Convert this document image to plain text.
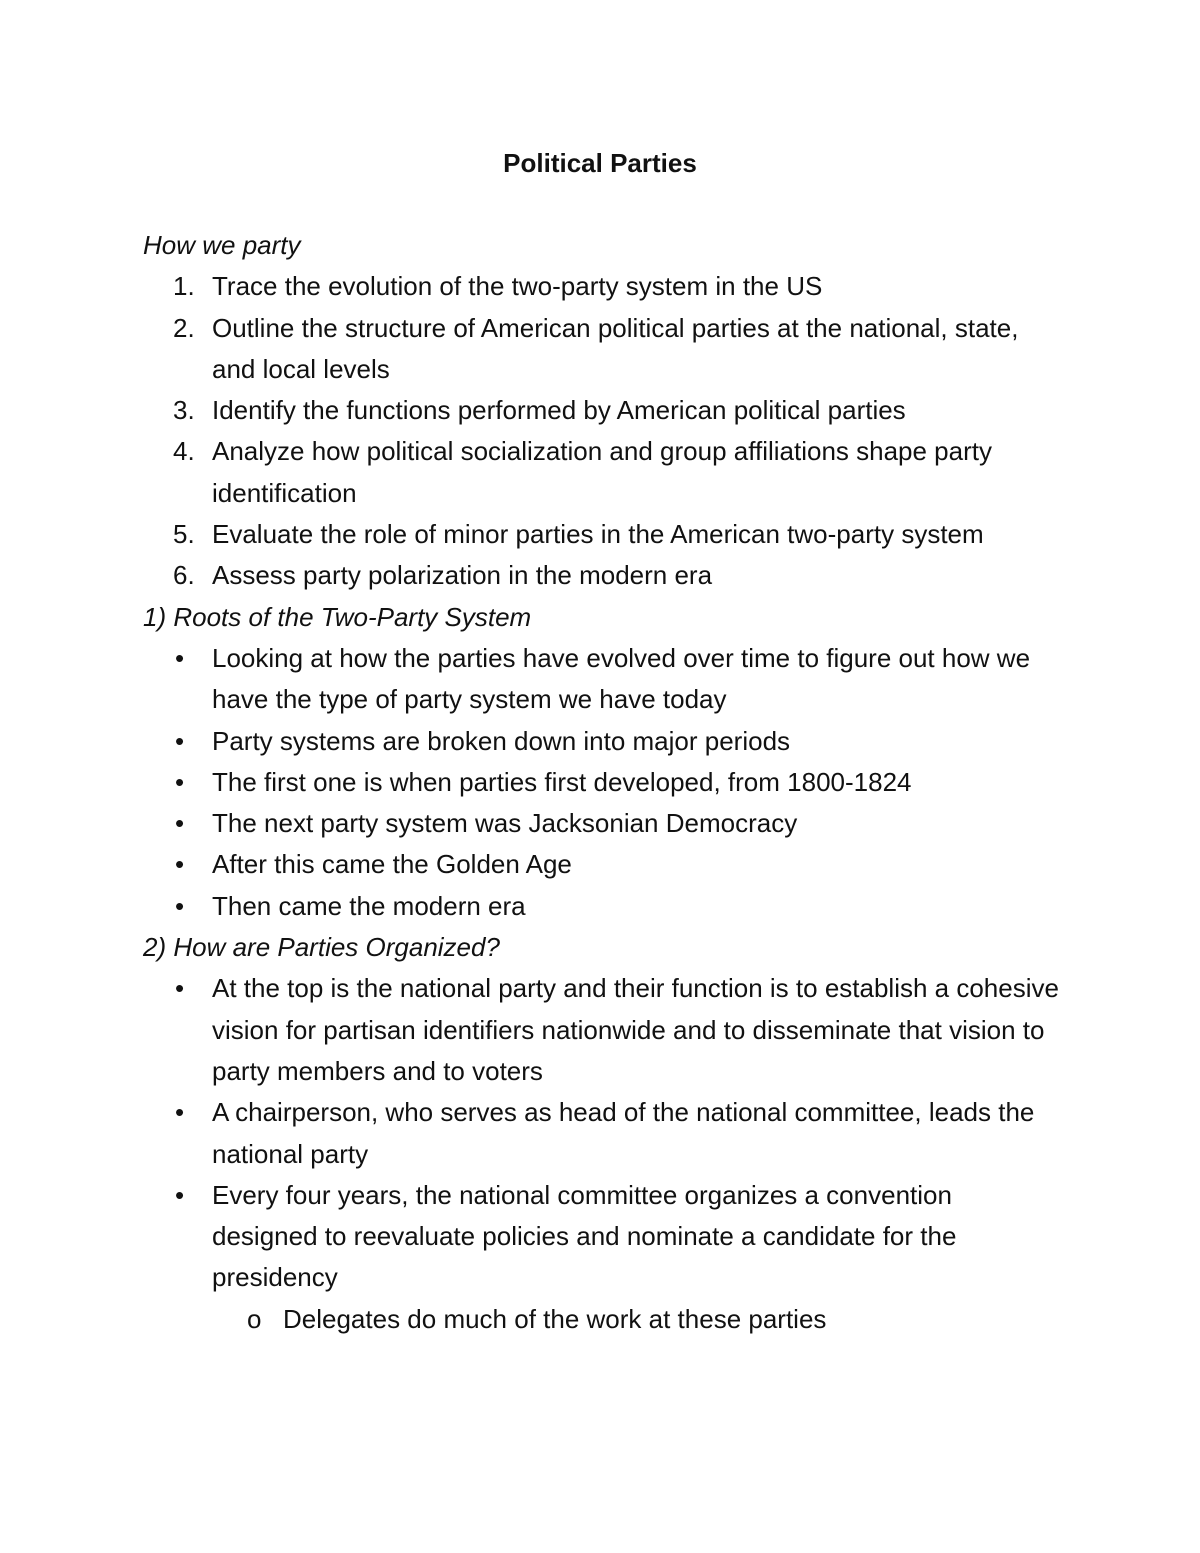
Political Parties

How we party

1. Trace the evolution of the two-party system in the US
2. Outline the structure of American political parties at the national, state, and local levels
3. Identify the functions performed by American political parties
4. Analyze how political socialization and group affiliations shape party identification
5. Evaluate the role of minor parties in the American two-party system
6. Assess party polarization in the modern era

1) Roots of the Two-Party System

• Looking at how the parties have evolved over time to figure out how we have the type of party system we have today
• Party systems are broken down into major periods
• The first one is when parties first developed, from 1800-1824
• The next party system was Jacksonian Democracy
• After this came the Golden Age
• Then came the modern era

2) How are Parties Organized?

• At the top is the national party and their function is to establish a cohesive vision for partisan identifiers nationwide and to disseminate that vision to party members and to voters
• A chairperson, who serves as head of the national committee, leads the national party
• Every four years, the national committee organizes a convention designed to reevaluate policies and nominate a candidate for the presidency
o Delegates do much of the work at these parties
